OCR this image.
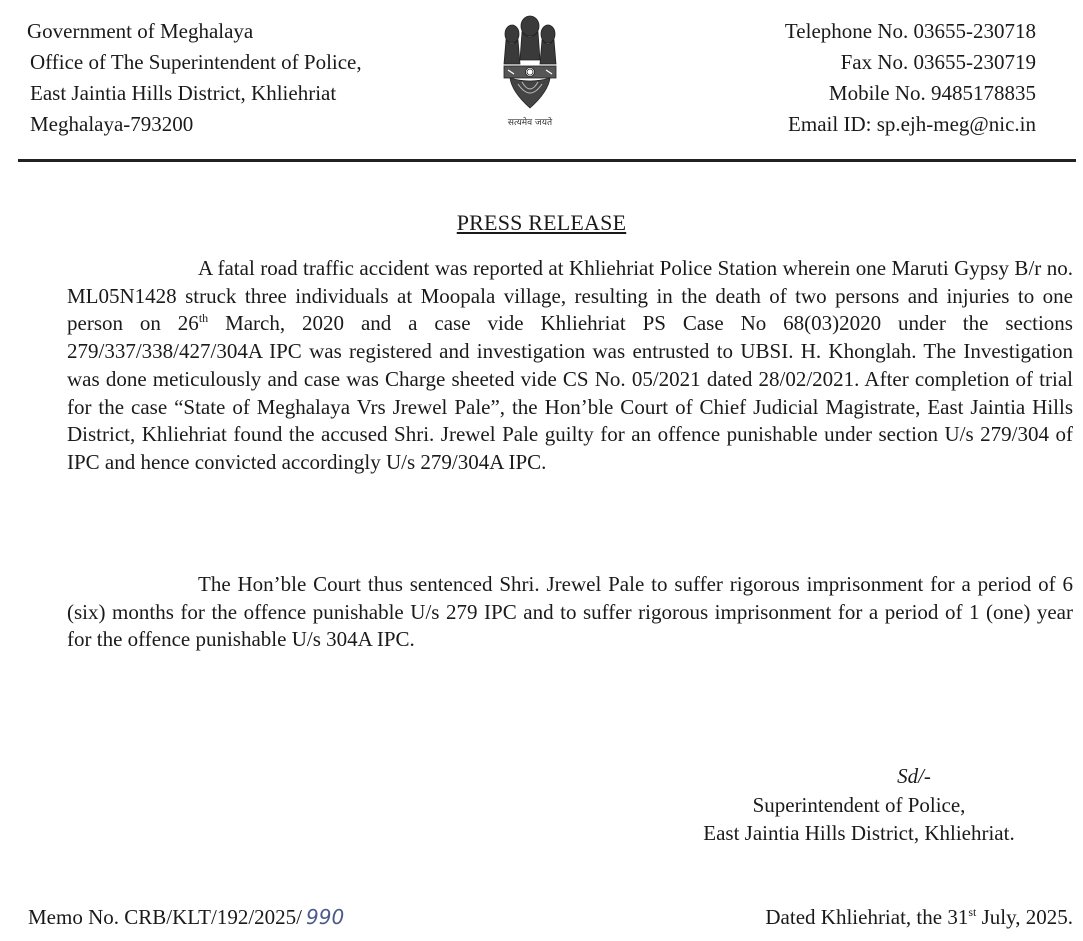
Government of Meghalaya
Office of The Superintendent of Police,
East Jaintia Hills District, Khliehriat
Meghalaya-793200	सत्यमेव जयते
Telephone No. 03655-230718
Fax No. 03655-230719
Mobile No. 9485178835
Email ID: sp.ejh-meg@nic.in
PRESS RELEASE
A fatal road traffic accident was reported at Khliehriat Police Station wherein one Maruti Gypsy B/r no. ML05N1428 struck three individuals at Moopala village, resulting in the death of two persons and injuries to one person on 26th March, 2020 and a case vide Khliehriat PS Case No 68(03)2020 under the sections 279/337/338/427/304A IPC was registered and investigation was entrusted to UBSI. H. Khonglah. The Investigation was done meticulously and case was Charge sheeted vide CS No. 05/2021 dated 28/02/2021. After completion of trial for the case “State of Meghalaya Vrs Jrewel Pale”, the Hon’ble Court of Chief Judicial Magistrate, East Jaintia Hills District, Khliehriat found the accused Shri. Jrewel Pale guilty for an offence punishable under section U/s 279/304 of IPC and hence convicted accordingly U/s 279/304A IPC.
The Hon’ble Court thus sentenced Shri. Jrewel Pale to suffer rigorous imprisonment for a period of 6 (six) months for the offence punishable U/s 279 IPC and to suffer rigorous imprisonment for a period of 1 (one) year for the offence punishable U/s 304A IPC.
Sd/-
Superintendent of Police,
East Jaintia Hills District, Khliehriat.
Memo No. CRB/KLT/192/2025/ 990	Dated Khliehriat, the 31st July, 2025.
